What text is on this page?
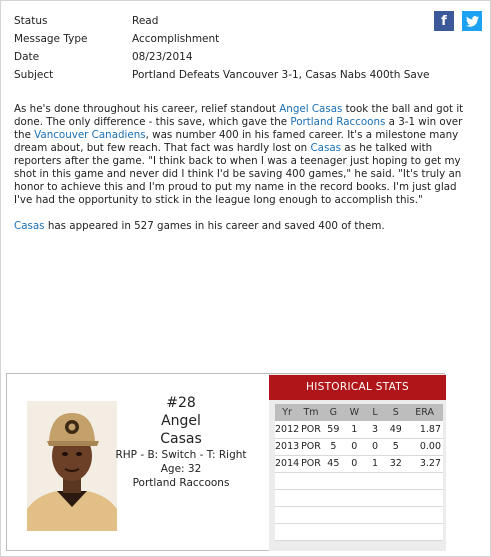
Status	Read
Message Type	Accomplishment
Date	08/23/2014
Subject	Portland Defeats Vancouver 3-1, Casas Nabs 400th Save
f

As he's done throughout his career, relief standout Angel Casas took the ball and got it done. The only difference - this save, which gave the Portland Raccoons a 3-1 win over the Vancouver Canadiens, was number 400 in his famed career. It's a milestone many dream about, but few reach. That fact was hardly lost on Casas as he talked with reporters after the game. "I think back to when I was a teenager just hoping to get my shot in this game and never did I think I'd be saving 400 games," he said. "It's truly an honor to achieve this and I'm proud to put my name in the record books. I'm just glad I've had the opportunity to stick in the league long enough to accomplish this."

Casas has appeared in 527 games in his career and saved 400 of them.

#28
Angel
Casas
RHP - B: Switch - T: Right
Age: 32
Portland Raccoons
HISTORICAL STATS
Yr	Tm	G	W	L	S	ERA
2012	POR	59	1	3	49	1.87
2013	POR	5	0	0	5	0.00
2014	POR	45	0	1	32	3.27
